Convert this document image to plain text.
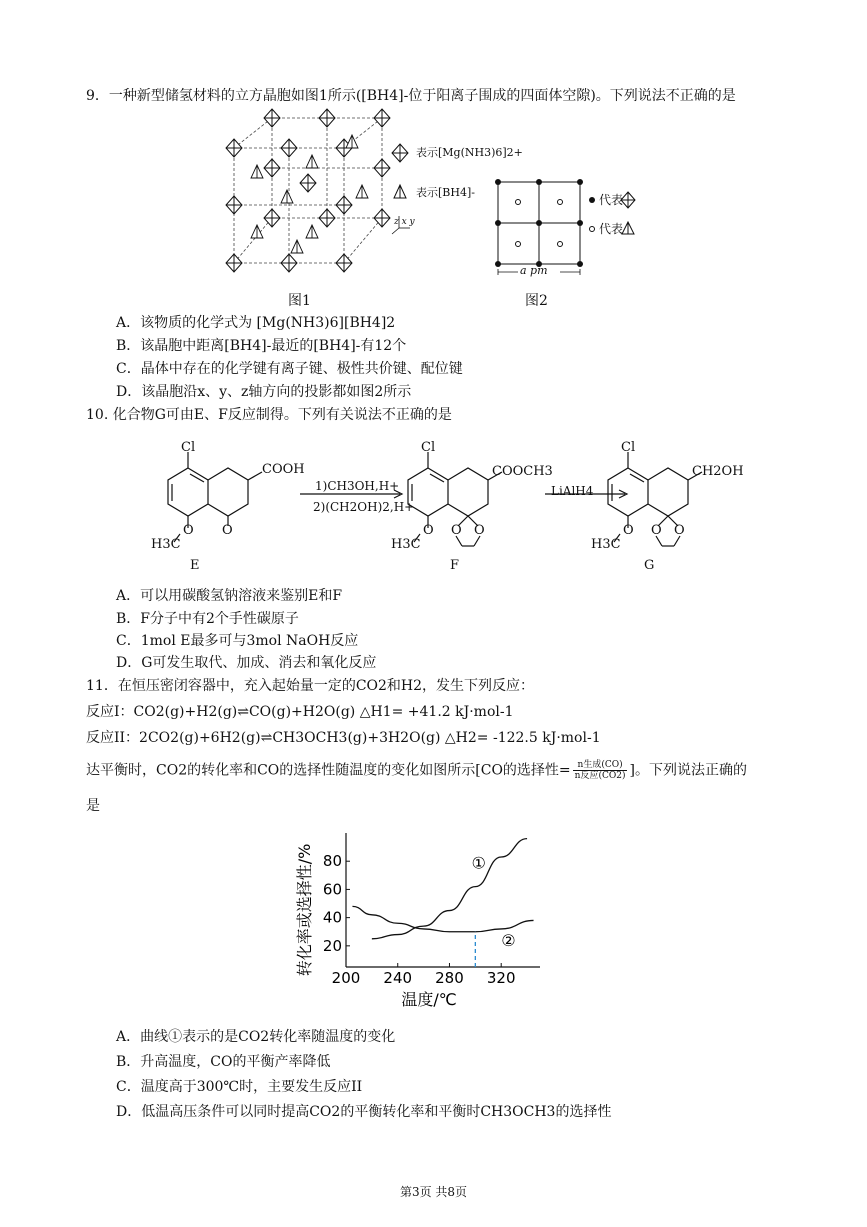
9．一种新型储氢材料的立方晶胞如图1所示([BH4]-位于阳离子围成的四面体空隙)。下列说法不正确的是
表示[Mg(NH3)6]2+
表示[BH4]-
z x y
代表
代表
a pm
图1	图2
A．该物质的化学式为 [Mg(NH3)6][BH4]2
B．该晶胞中距离[BH4]-最近的[BH4]-有12个
C．晶体中存在的化学键有离子键、极性共价键、配位键
D．该晶胞沿x、y、z轴方向的投影都如图2所示
10. 化合物G可由E、F反应制得。下列有关说法不正确的是
Cl
COOH
O
O
H3C
E
1)CH3OH,H+
2)(CH2OH)2,H+
Cl
COOCH3
O O O
H3C
F
LiAlH4
Cl
CH2OH
O O O
H3C
G
A．可以用碳酸氢钠溶液来鉴别E和F
B．F分子中有2个手性碳原子
C．1mol E最多可与3mol NaOH反应
D．G可发生取代、加成、消去和氧化反应
11．在恒压密闭容器中，充入起始量一定的CO2和H2，发生下列反应：
反应I：CO2(g)+H2(g)⇌CO(g)+H2O(g) △H1= +41.2 kJ·mol-1
反应II：2CO2(g)+6H2(g)⇌CH3OCH3(g)+3H2O(g) △H2= -122.5 kJ·mol-1
达平衡时，CO2的转化率和CO的选择性随温度的变化如图所示[CO的选择性= $\frac{\text{n生成(CO)}}{\text{n反应(CO2)}}$ ]。下列说法正确的
是
200 240 280 320
20
40
60
80	①
②
温度/℃
转化率或选择性/%
A．曲线①表示的是CO2转化率随温度的变化
B．升高温度，CO的平衡产率降低
C．温度高于300℃时，主要发生反应II
D．低温高压条件可以同时提高CO2的平衡转化率和平衡时CH3OCH3的选择性
第3页 共8页
